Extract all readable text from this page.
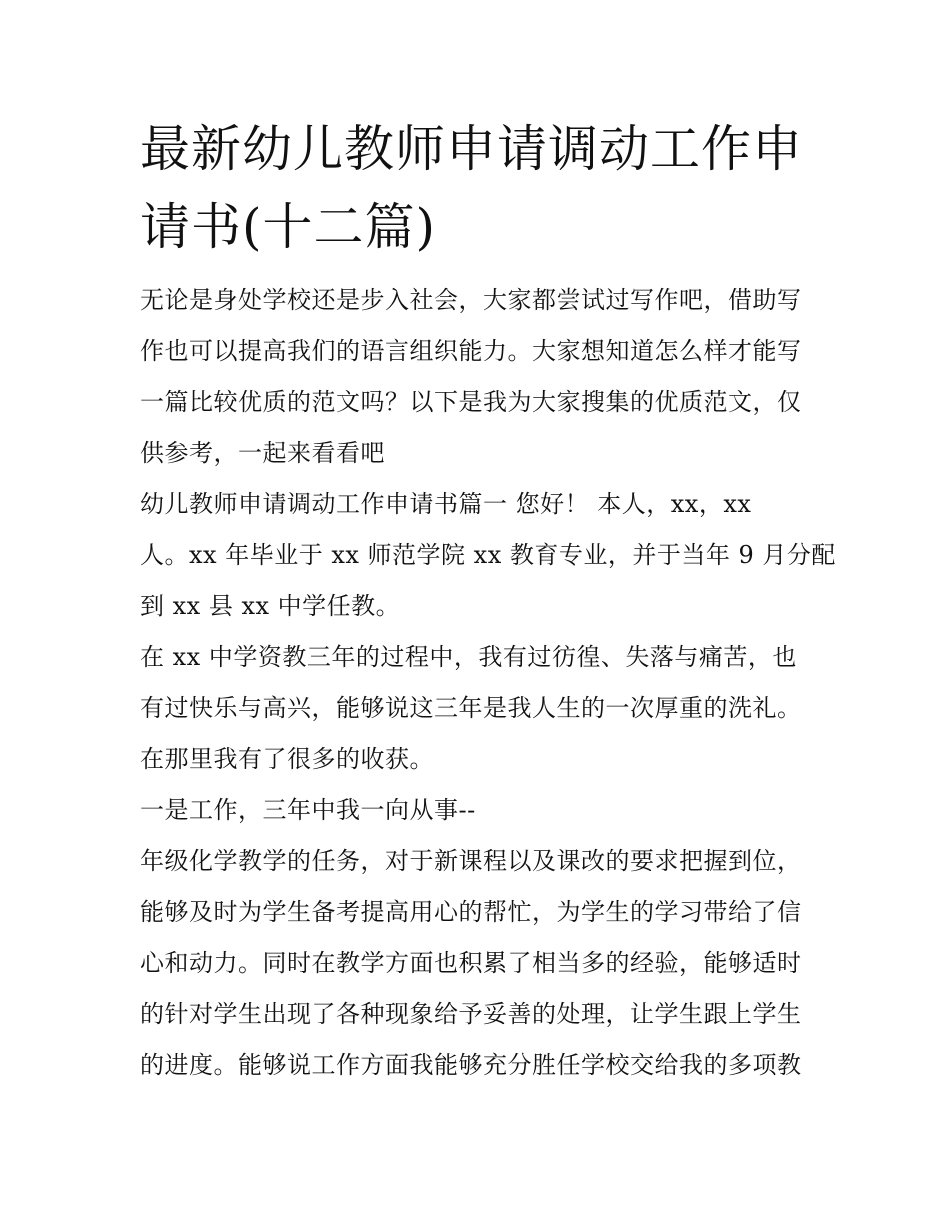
最新幼儿教师申请调动工作申
请书(十二篇)
无论是身处学校还是步入社会，大家都尝试过写作吧，借助写
作也可以提高我们的语言组织能力。大家想知道怎么样才能写
一篇比较优质的范文吗？以下是我为大家搜集的优质范文，仅
供参考，一起来看看吧
幼儿教师申请调动工作申请书篇一 您好！ 本人，xx，xx
人。xx 年毕业于 xx 师范学院 xx 教育专业，并于当年 9 月分配
到 xx 县 xx 中学任教。
在 xx 中学资教三年的过程中，我有过彷徨、失落与痛苦，也
有过快乐与高兴，能够说这三年是我人生的一次厚重的洗礼。
在那里我有了很多的收获。
一是工作，三年中我一向从事--
年级化学教学的任务，对于新课程以及课改的要求把握到位，
能够及时为学生备考提高用心的帮忙，为学生的学习带给了信
心和动力。同时在教学方面也积累了相当多的经验，能够适时
的针对学生出现了各种现象给予妥善的处理，让学生跟上学生
的进度。能够说工作方面我能够充分胜任学校交给我的多项教
